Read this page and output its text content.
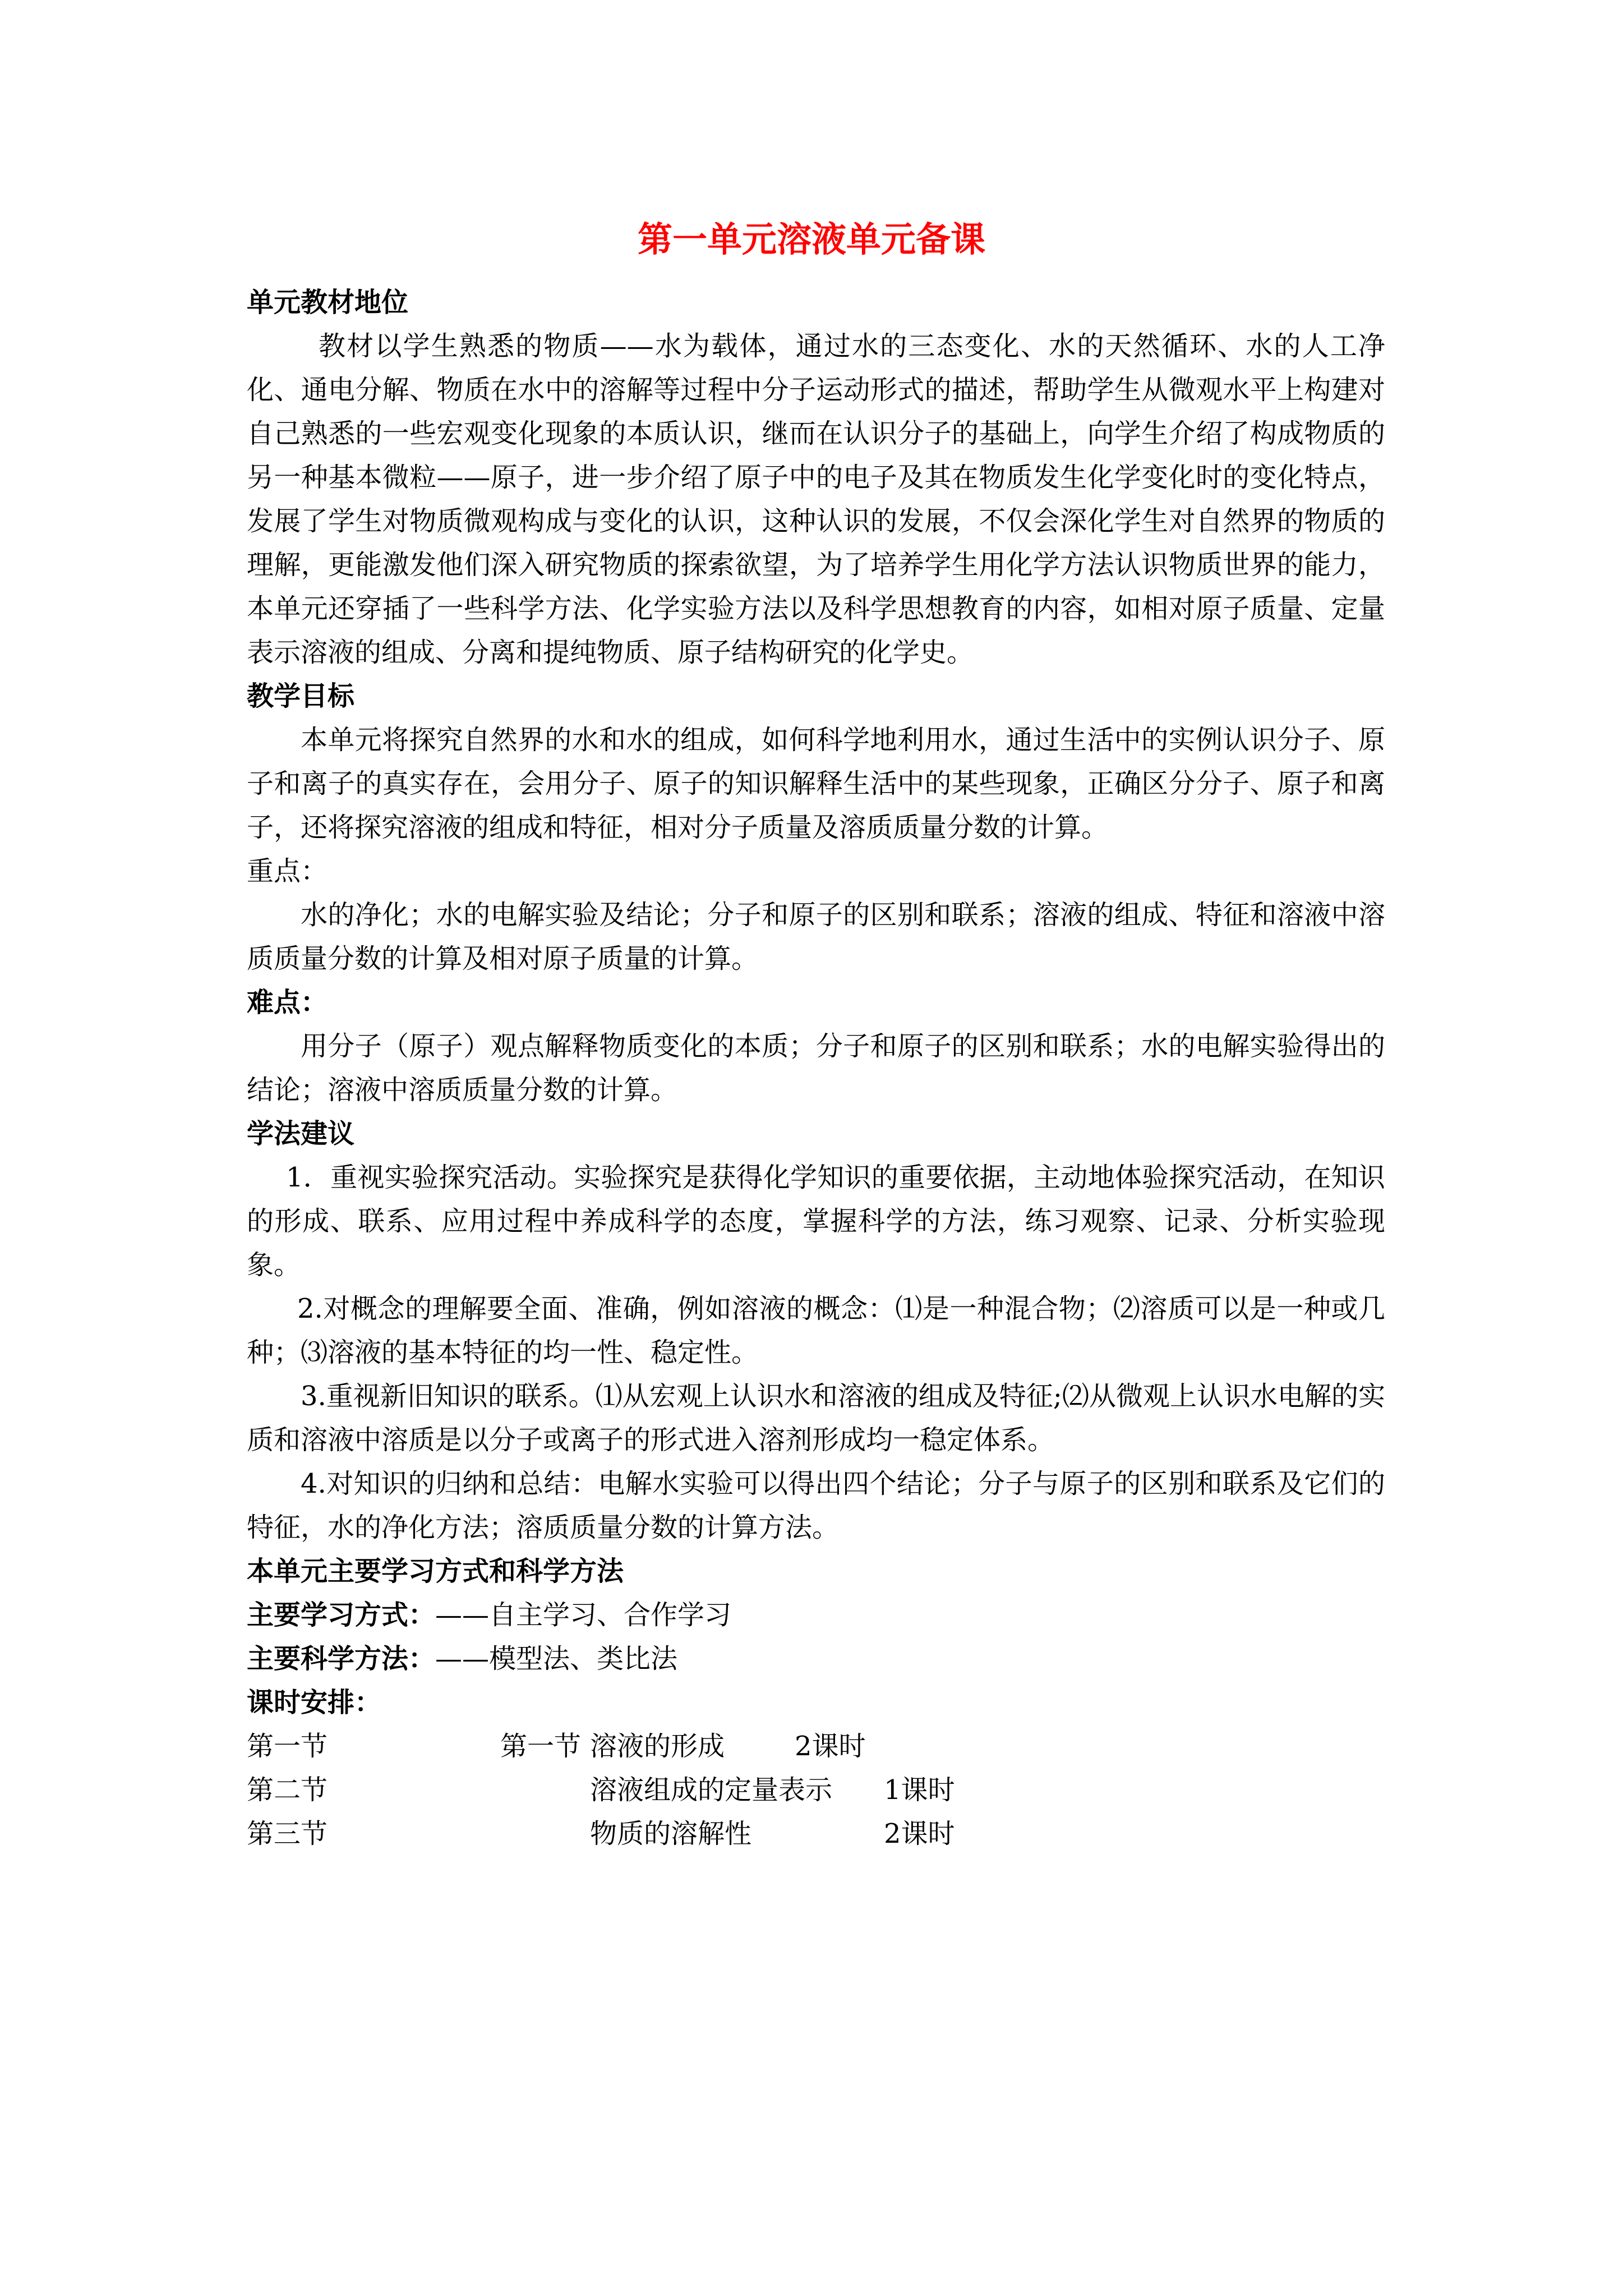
第一单元溶液单元备课
单元教材地位
教材以学生熟悉的物质——水为载体，通过水的三态变化、水的天然循环、水的人工净化、通电分解、物质在水中的溶解等过程中分子运动形式的描述，帮助学生从微观水平上构建对自己熟悉的一些宏观变化现象的本质认识，继而在认识分子的基础上，向学生介绍了构成物质的另一种基本微粒——原子，进一步介绍了原子中的电子及其在物质发生化学变化时的变化特点，发展了学生对物质微观构成与变化的认识，这种认识的发展，不仅会深化学生对自然界的物质的理解，更能激发他们深入研究物质的探索欲望，为了培养学生用化学方法认识物质世界的能力，本单元还穿插了一些科学方法、化学实验方法以及科学思想教育的内容，如相对原子质量、定量表示溶液的组成、分离和提纯物质、原子结构研究的化学史。
教学目标
本单元将探究自然界的水和水的组成，如何科学地利用水，通过生活中的实例认识分子、原子和离子的真实存在，会用分子、原子的知识解释生活中的某些现象，正确区分分子、原子和离子，还将探究溶液的组成和特征，相对分子质量及溶质质量分数的计算。
重点：
水的净化；水的电解实验及结论；分子和原子的区别和联系；溶液的组成、特征和溶液中溶质质量分数的计算及相对原子质量的计算。
难点：
用分子（原子）观点解释物质变化的本质；分子和原子的区别和联系；水的电解实验得出的结论；溶液中溶质质量分数的计算。
学法建议
1．重视实验探究活动。实验探究是获得化学知识的重要依据，主动地体验探究活动，在知识的形成、联系、应用过程中养成科学的态度，掌握科学的方法，练习观察、记录、分析实验现象。
2.对概念的理解要全面、准确，例如溶液的概念：⑴是一种混合物；⑵溶质可以是一种或几种；⑶溶液的基本特征的均一性、稳定性。
3.重视新旧知识的联系。⑴从宏观上认识水和溶液的组成及特征;⑵从微观上认识水电解的实质和溶液中溶质是以分子或离子的形式进入溶剂形成均一稳定体系。
4.对知识的归纳和总结：电解水实验可以得出四个结论；分子与原子的区别和联系及它们的特征，水的净化方法；溶质质量分数的计算方法。
本单元主要学习方式和科学方法
主要学习方式：——自主学习、合作学习
主要科学方法：——模型法、类比法
课时安排：
第一节	第一节 溶液的形成	2课时
第二节	溶液组成的定量表示 1课时
第三节	物质的溶解性	2课时
